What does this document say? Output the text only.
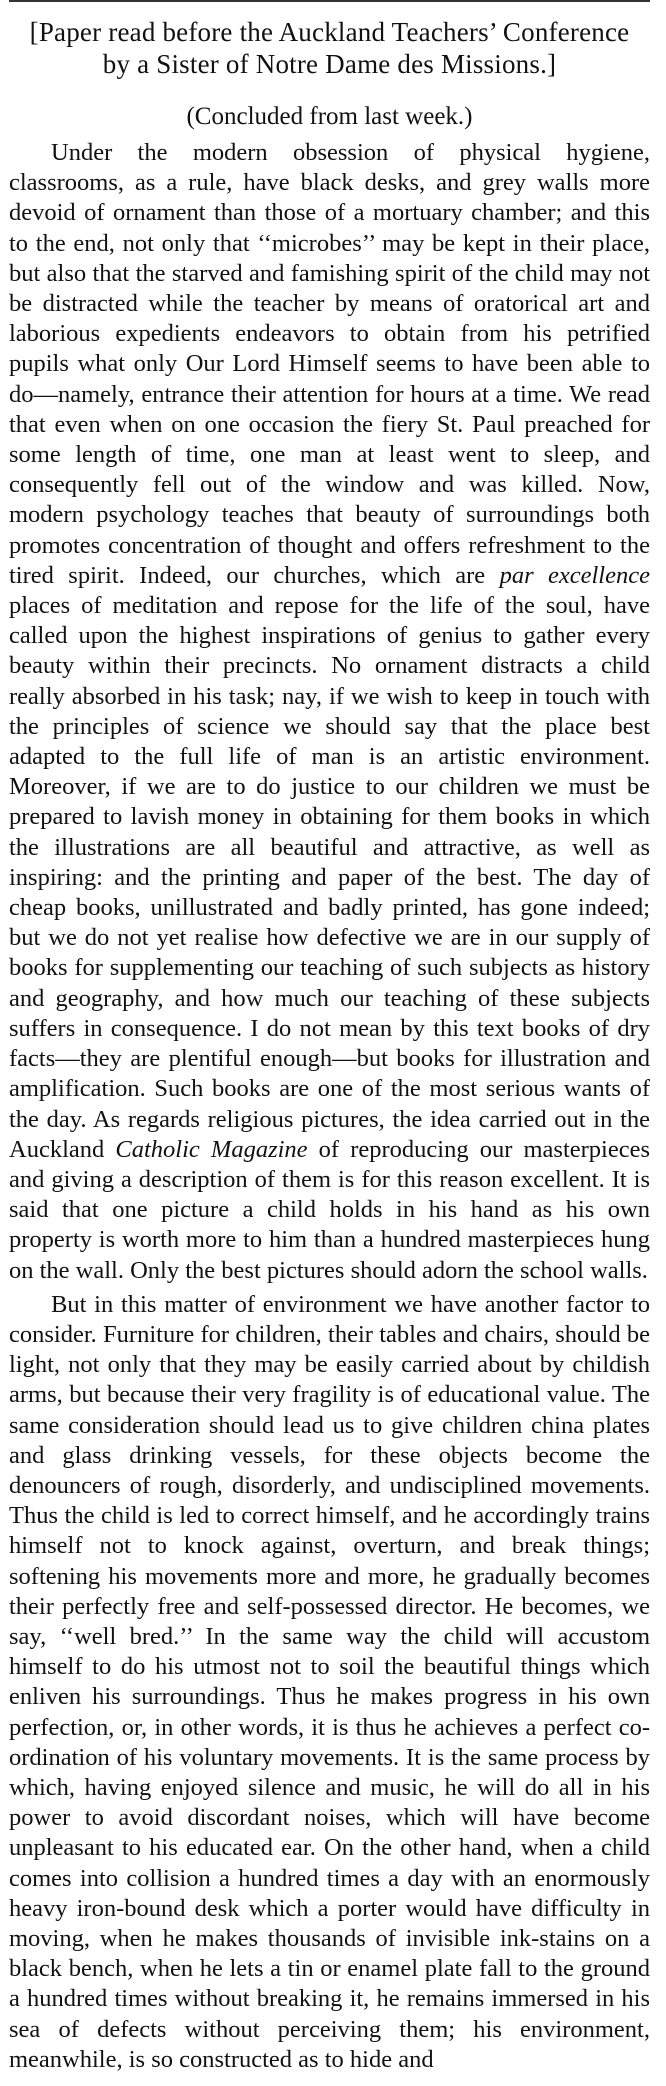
[Paper read before the Auckland Teachers’ Conference
by a Sister of Notre Dame des Missions.]
(Concluded from last week.)

Under the modern obsession of physical hygiene, classrooms, as a rule, have black desks, and grey walls more devoid of ornament than those of a mortuary chamber; and this to the end, not only that ‘‘microbes’’ may be kept in their place, but also that the starved and famishing spirit of the child may not be distracted while the teacher by means of oratorical art and laborious expedients endeavors to obtain from his petrified pupils what only Our Lord Himself seems to have been able to do—namely, entrance their attention for hours at a time. We read that even when on one occasion the fiery St. Paul preached for some length of time, one man at least went to sleep, and consequently fell out of the window and was killed. Now, modern psychology teaches that beauty of surroundings both promotes concentration of thought and offers refreshment to the tired spirit. Indeed, our churches, which are par excellence places of meditation and repose for the life of the soul, have called upon the highest inspirations of genius to gather every beauty within their precincts. No ornament distracts a child really absorbed in his task; nay, if we wish to keep in touch with the principles of science we should say that the place best adapted to the full life of man is an artistic environment. Moreover, if we are to do justice to our children we must be prepared to lavish money in obtaining for them books in which the illustrations are all beautiful and attractive, as well as inspiring: and the printing and paper of the best. The day of cheap books, unillustrated and badly printed, has gone indeed; but we do not yet realise how defective we are in our supply of books for supplementing our teaching of such subjects as history and geography, and how much our teaching of these subjects suffers in consequence. I do not mean by this text books of dry facts—they are plentiful enough—but books for illustration and amplification. Such books are one of the most serious wants of the day. As regards religious pictures, the idea carried out in the Auckland Catholic Magazine of reproducing our masterpieces and giving a description of them is for this reason excellent. It is said that one picture a child holds in his hand as his own property is worth more to him than a hundred masterpieces hung on the wall. Only the best pictures should adorn the school walls.

But in this matter of environment we have another factor to consider. Furniture for children, their tables and chairs, should be light, not only that they may be easily carried about by childish arms, but because their very fragility is of educational value. The same consideration should lead us to give children china plates and glass drinking vessels, for these objects become the denouncers of rough, disorderly, and undisciplined movements. Thus the child is led to correct himself, and he accordingly trains himself not to knock against, overturn, and break things; softening his movements more and more, he gradually becomes their perfectly free and self-possessed director. He becomes, we say, ‘‘well bred.’’ In the same way the child will accustom himself to do his utmost not to soil the beautiful things which enliven his surroundings. Thus he makes progress in his own perfection, or, in other words, it is thus he achieves a perfect co-ordination of his voluntary movements. It is the same process by which, having enjoyed silence and music, he will do all in his power to avoid discordant noises, which will have become unpleasant to his educated ear. On the other hand, when a child comes into collision a hundred times a day with an enormously heavy iron-bound desk which a porter would have difficulty in moving, when he makes thousands of invisible ink-stains on a black bench, when he lets a tin or enamel plate fall to the ground a hundred times without breaking it, he remains immersed in his sea of defects without perceiving them; his environment, meanwhile, is so constructed as to hide and
